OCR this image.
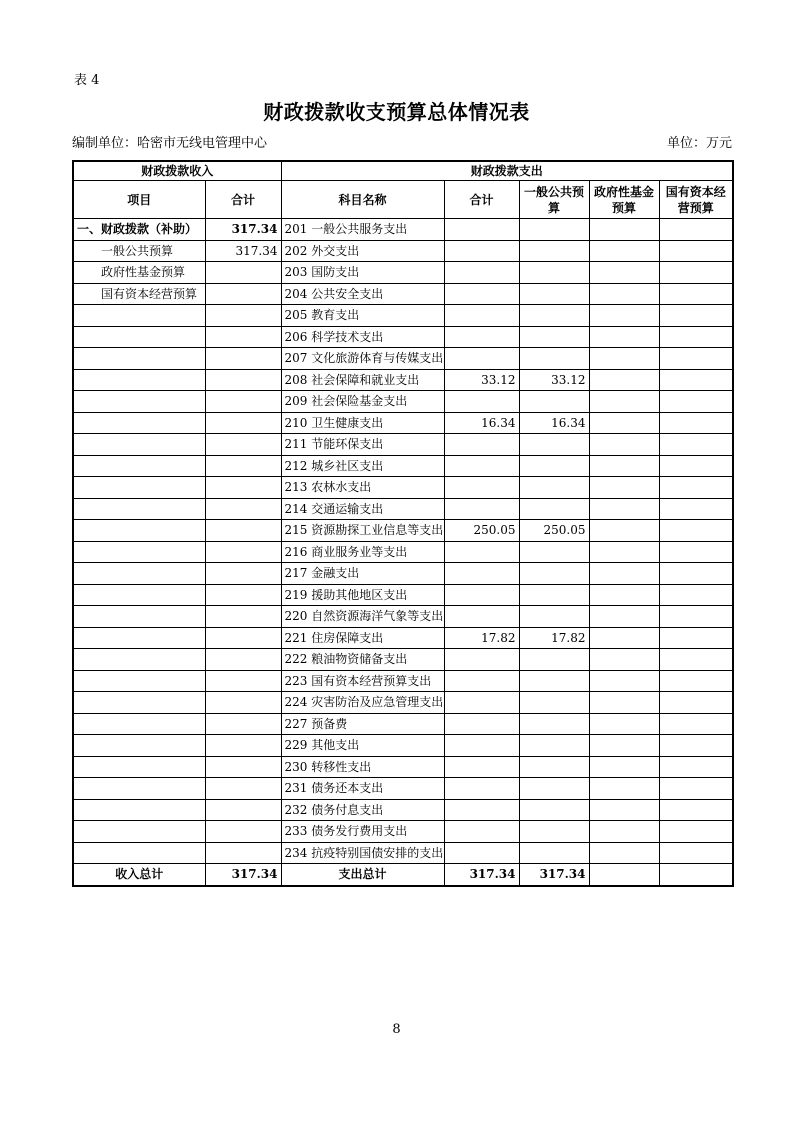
表 4
财政拨款收支预算总体情况表
编制单位：哈密市无线电管理中心	单位：万元
财政拨款收入		财政拨款支出				
项目	合计	科目名称	合计	一般公共预算	政府性基金预算	国有资本经营预算
一、财政拨款（补助）	317.34	201 一般公共服务支出				
一般公共预算	317.34	202 外交支出				
政府性基金预算		203 国防支出				
国有资本经营预算		204 公共安全支出				
		205 教育支出				
		206 科学技术支出				
		207 文化旅游体育与传媒支出				
		208 社会保障和就业支出	33.12	33.12		
		209 社会保险基金支出				
		210 卫生健康支出	16.34	16.34		
		211 节能环保支出				
		212 城乡社区支出				
		213 农林水支出				
		214 交通运输支出				
		215 资源勘探工业信息等支出	250.05	250.05		
		216 商业服务业等支出				
		217 金融支出				
		219 援助其他地区支出				
		220 自然资源海洋气象等支出				
		221 住房保障支出	17.82	17.82		
		222 粮油物资储备支出				
		223 国有资本经营预算支出				
		224 灾害防治及应急管理支出				
		227 预备费				
		229 其他支出				
		230 转移性支出				
		231 债务还本支出				
		232 债务付息支出				
		233 债务发行费用支出				
		234 抗疫特别国债安排的支出				
收入总计	317.34	支出总计	317.34	317.34		
8
